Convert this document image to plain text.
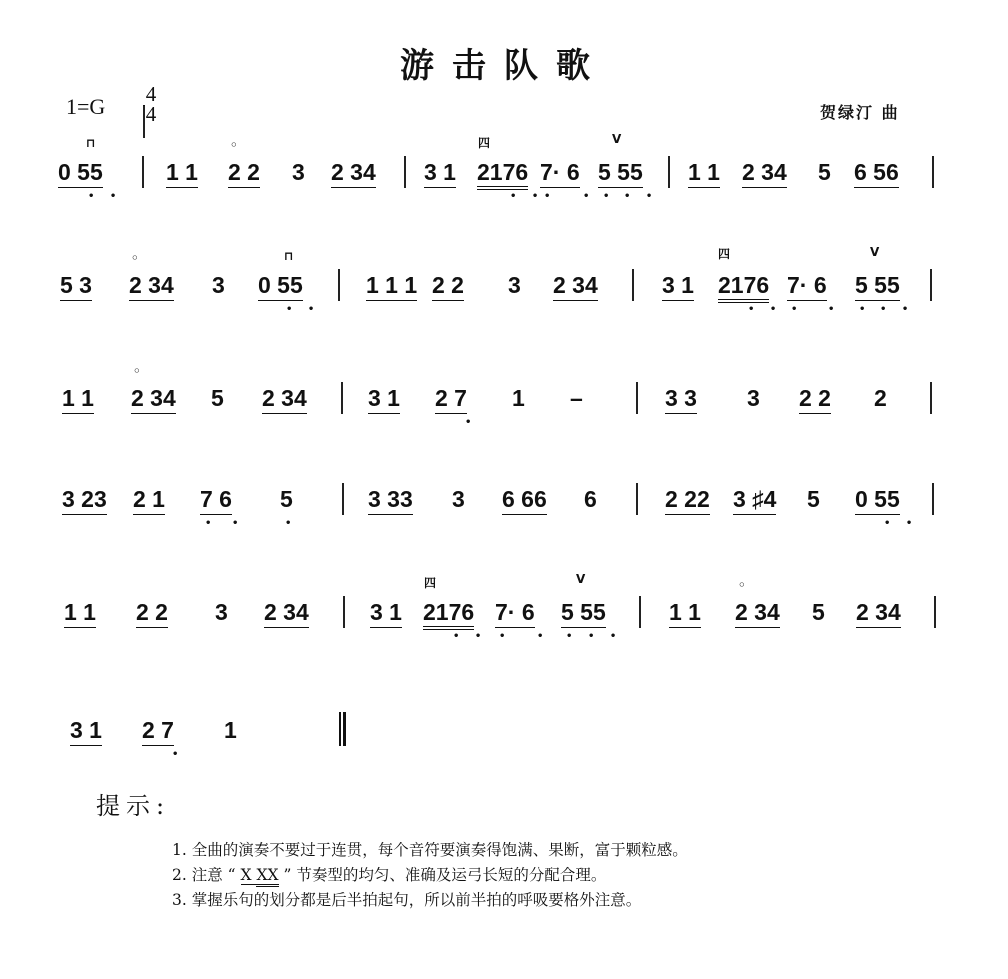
游击队歌
1=G 4
4	贺绿汀 曲
0 55	1 1 2 2 3 2 34 3 1 2176 7· 6 5 55 1 1 2 34 5 6 56
⊓	◦	四	V
• •	• • •	• • • •
5 3 2 34 3 0 55	1 1 1 2 2 3 2 34	3 1 2176 7· 6 5 55
◦	⊓	四	V
• •	• • • • • • •
1 1 2 34 5 2 34	3 1 2 7 1 –	3 3 3 2 2 2
◦
•
3 23 2 1 7 6 5	3 33 3 6 66 6	2 22 3 ♯4 5 0 55
• •	•	• •
1 1 2 2 3 2 34	3 1 2176 7· 6 5 55	1 1 2 34 5 2 34
四	V	◦
• • •	• • • •
3 1 2 7 1
•
提示:
1. 全曲的演奏不要过于连贯，每个音符要演奏得饱满、果断，富于颗粒感。
2. 注意 “ X XX ” 节奏型的均匀、准确及运弓长短的分配合理。
3. 掌握乐句的划分都是后半拍起句，所以前半拍的呼吸要格外注意。
